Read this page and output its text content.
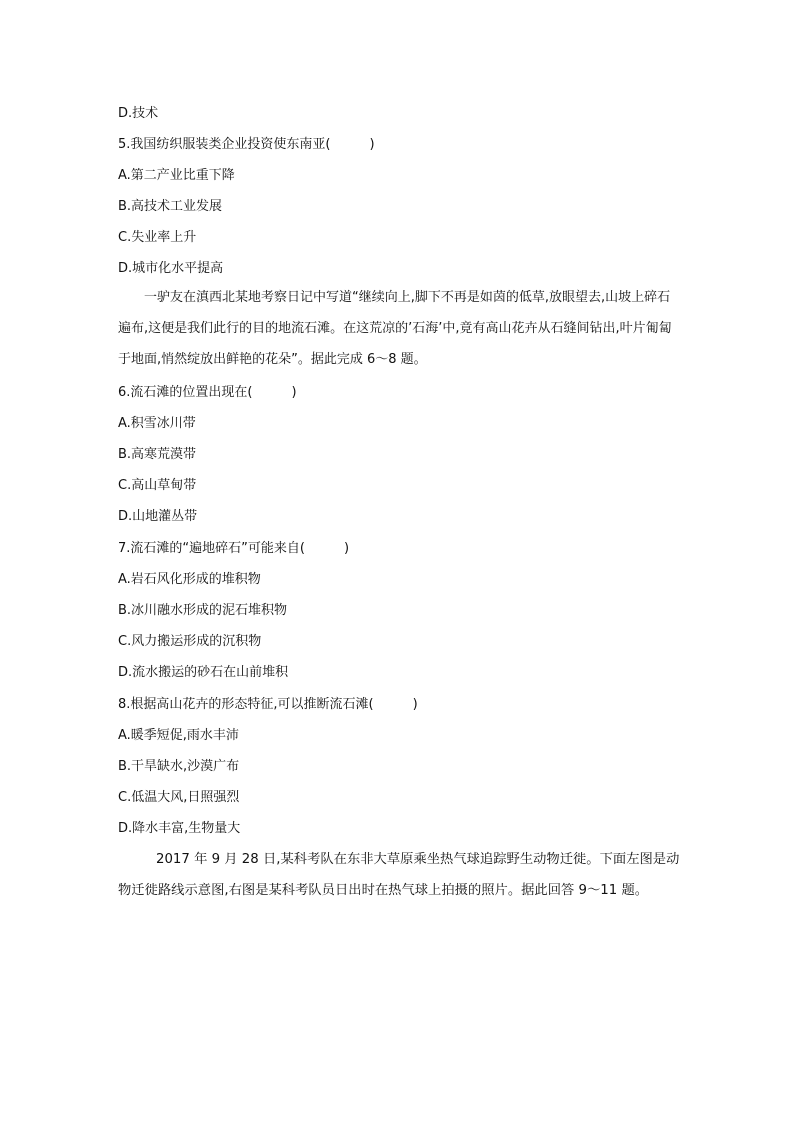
D.技术
5.我国纺织服装类企业投资使东南亚(　　　)
A.第二产业比重下降
B.高技术工业发展
C.失业率上升
D.城市化水平提高
一驴友在滇西北某地考察日记中写道“继续向上,脚下不再是如茵的低草,放眼望去,山坡上碎石遍布,这便是我们此行的目的地流石滩。在这荒凉的’石海’中,竟有高山花卉从石缝间钻出,叶片匍匐于地面,悄然绽放出鲜艳的花朵”。据此完成 6～8 题。
6.流石滩的位置出现在(　　　)
A.积雪冰川带
B.高寒荒漠带
C.高山草甸带
D.山地灌丛带
7.流石滩的“遍地碎石”可能来自(　　　)
A.岩石风化形成的堆积物
B.冰川融水形成的泥石堆积物
C.风力搬运形成的沉积物
D.流水搬运的砂石在山前堆积
8.根据高山花卉的形态特征,可以推断流石滩(　　　)
A.暖季短促,雨水丰沛
B.干旱缺水,沙漠广布
C.低温大风,日照强烈
D.降水丰富,生物量大
2017 年 9 月 28 日,某科考队在东非大草原乘坐热气球追踪野生动物迁徙。下面左图是动物迁徙路线示意图,右图是某科考队员日出时在热气球上拍摄的照片。据此回答 9～11 题。
